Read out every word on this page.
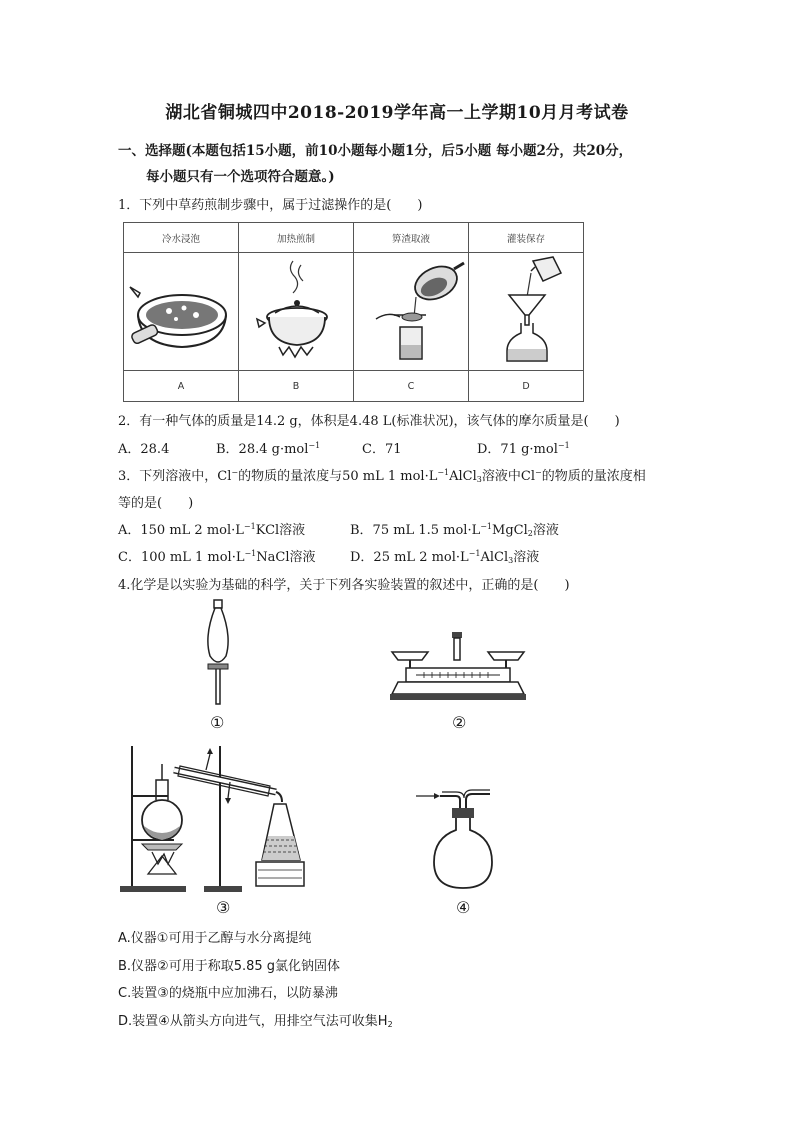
湖北省铜城四中2018-2019学年高一上学期10月月考试卷
一、选择题(本题包括15小题，前10小题每小题1分，后5小题 每小题2分，共20分，
每小题只有一个选项符合题意。)
1．下列中草药煎制步骤中，属于过滤操作的是(　　)
冷水浸泡	加热煎制	箅渣取液	灌装保存

A	B	C	D
2．有一种气体的质量是14.2 g，体积是4.48 L(标准状况)，该气体的摩尔质量是(　　)
A．28.4	B．28.4 g·mol$^{-1}$	C．71	D．71 g·mol$^{-1}$
3．下列溶液中，Cl−的物质的量浓度与50 mL 1 $mol\cdot L^{-1}AlCl_3$溶液中Cl−的物质的量浓度相
等的是(　　)
A．150 mL 2 $mol\cdot L^{-1}KCl$溶液	B．75 mL 1.5 $mol\cdot L^{-1}MgCl_2$溶液
C．100 mL 1 $mol\cdot L^{-1}NaCl$溶液	D．25 mL 2 $mol\cdot L^{-1}AlCl_3$溶液
4.化学是以实验为基础的科学，关于下列各实验装置的叙述中，正确的是(　　)
①	②
③	④
A.仪器①可用于乙醇与水分离提纯
B.仪器②可用于称取5.85 g氯化钠固体
C.装置③的烧瓶中应加沸石，以防暴沸
D.装置④从箭头方向进气，用排空气法可收集$H_2$
